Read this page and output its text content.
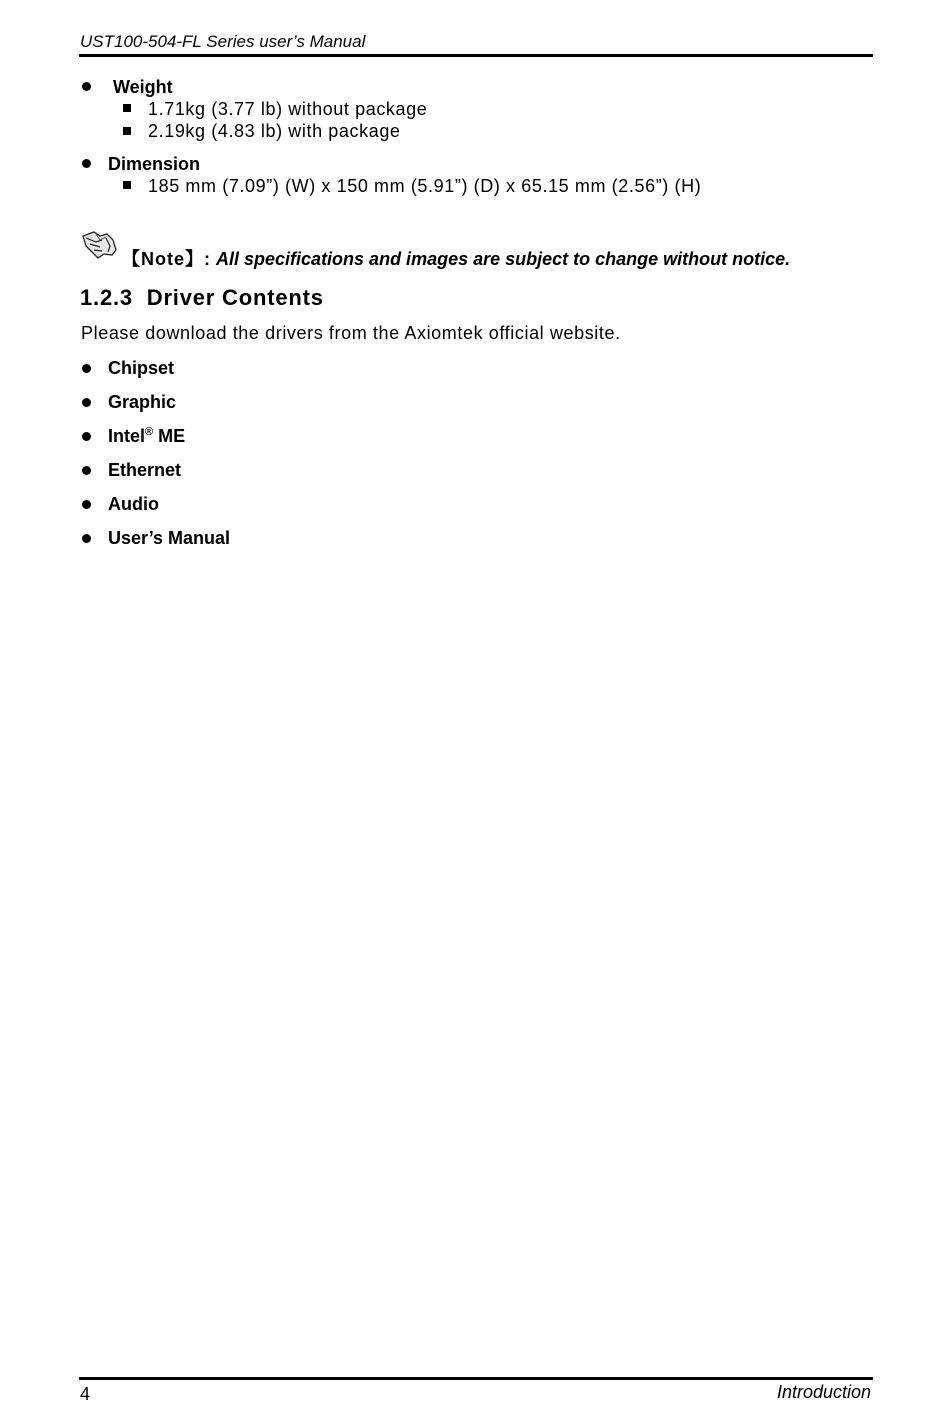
UST100-504-FL Series user’s Manual
Weight
1.71kg (3.77 lb) without package
2.19kg (4.83 lb) with package
Dimension
185 mm (7.09”) (W) x 150 mm (5.91”) (D) x 65.15 mm (2.56”) (H)
【Note】: All specifications and images are subject to change without notice.
1.2.3  Driver Contents
Please download the drivers from the Axiomtek official website.
Chipset
Graphic
Intel® ME
Ethernet
Audio
User’s Manual
4	Introduction
